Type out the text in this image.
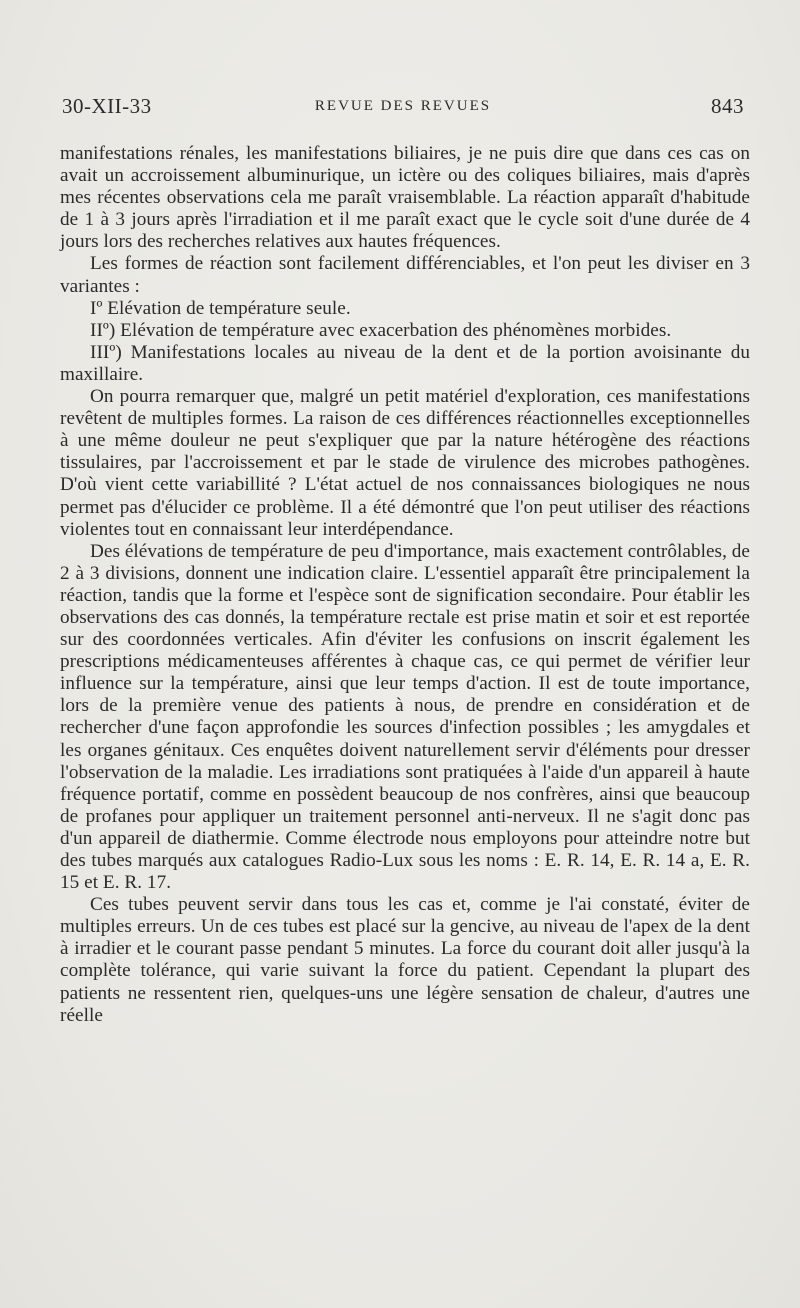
30-XII-33	REVUE DES REVUES	843

manifestations rénales, les manifestations biliaires, je ne puis dire que dans ces cas on avait un accroissement albuminurique, un ictère ou des coliques biliaires, mais d'après mes récentes observations cela me paraît vraisemblable. La réaction apparaît d'habitude de 1 à 3 jours après l'irradiation et il me paraît exact que le cycle soit d'une durée de 4 jours lors des recherches relatives aux hautes fréquences.

Les formes de réaction sont facilement différenciables, et l'on peut les diviser en 3 variantes :

Iº Elévation de température seule.

IIº) Elévation de température avec exacerbation des phénomènes morbides.

IIIº) Manifestations locales au niveau de la dent et de la portion avoisinante du maxillaire.

On pourra remarquer que, malgré un petit matériel d'exploration, ces manifestations revêtent de multiples formes. La raison de ces différences réactionnelles exceptionnelles à une même douleur ne peut s'expliquer que par la nature hétérogène des réactions tissulaires, par l'accroissement et par le stade de virulence des microbes pathogènes. D'où vient cette variabillité ? L'état actuel de nos connaissances biologiques ne nous permet pas d'élucider ce problème. Il a été démontré que l'on peut utiliser des réactions violentes tout en connaissant leur interdépendance.

Des élévations de température de peu d'importance, mais exactement contrôlables, de 2 à 3 divisions, donnent une indication claire. L'essentiel apparaît être principalement la réaction, tandis que la forme et l'espèce sont de signification secondaire. Pour établir les observations des cas donnés, la température rectale est prise matin et soir et est reportée sur des coordonnées verticales. Afin d'éviter les confusions on inscrit également les prescriptions médicamenteuses afférentes à chaque cas, ce qui permet de vérifier leur influence sur la température, ainsi que leur temps d'action. Il est de toute importance, lors de la première venue des patients à nous, de prendre en considération et de rechercher d'une façon approfondie les sources d'infection possibles ; les amygdales et les organes génitaux. Ces enquêtes doivent naturellement servir d'éléments pour dresser l'observation de la maladie. Les irradiations sont pratiquées à l'aide d'un appareil à haute fréquence portatif, comme en possèdent beaucoup de nos confrères, ainsi que beaucoup de profanes pour appliquer un traitement personnel anti-nerveux. Il ne s'agit donc pas d'un appareil de diathermie. Comme électrode nous employons pour atteindre notre but des tubes marqués aux catalogues Radio-Lux sous les noms : E. R. 14, E. R. 14 a, E. R. 15 et E. R. 17.

Ces tubes peuvent servir dans tous les cas et, comme je l'ai constaté, éviter de multiples erreurs. Un de ces tubes est placé sur la gencive, au niveau de l'apex de la dent à irradier et le courant passe pendant 5 minutes. La force du courant doit aller jusqu'à la complète tolérance, qui varie suivant la force du patient. Cependant la plupart des patients ne ressentent rien, quelques-uns une légère sensation de chaleur, d'autres une réelle
